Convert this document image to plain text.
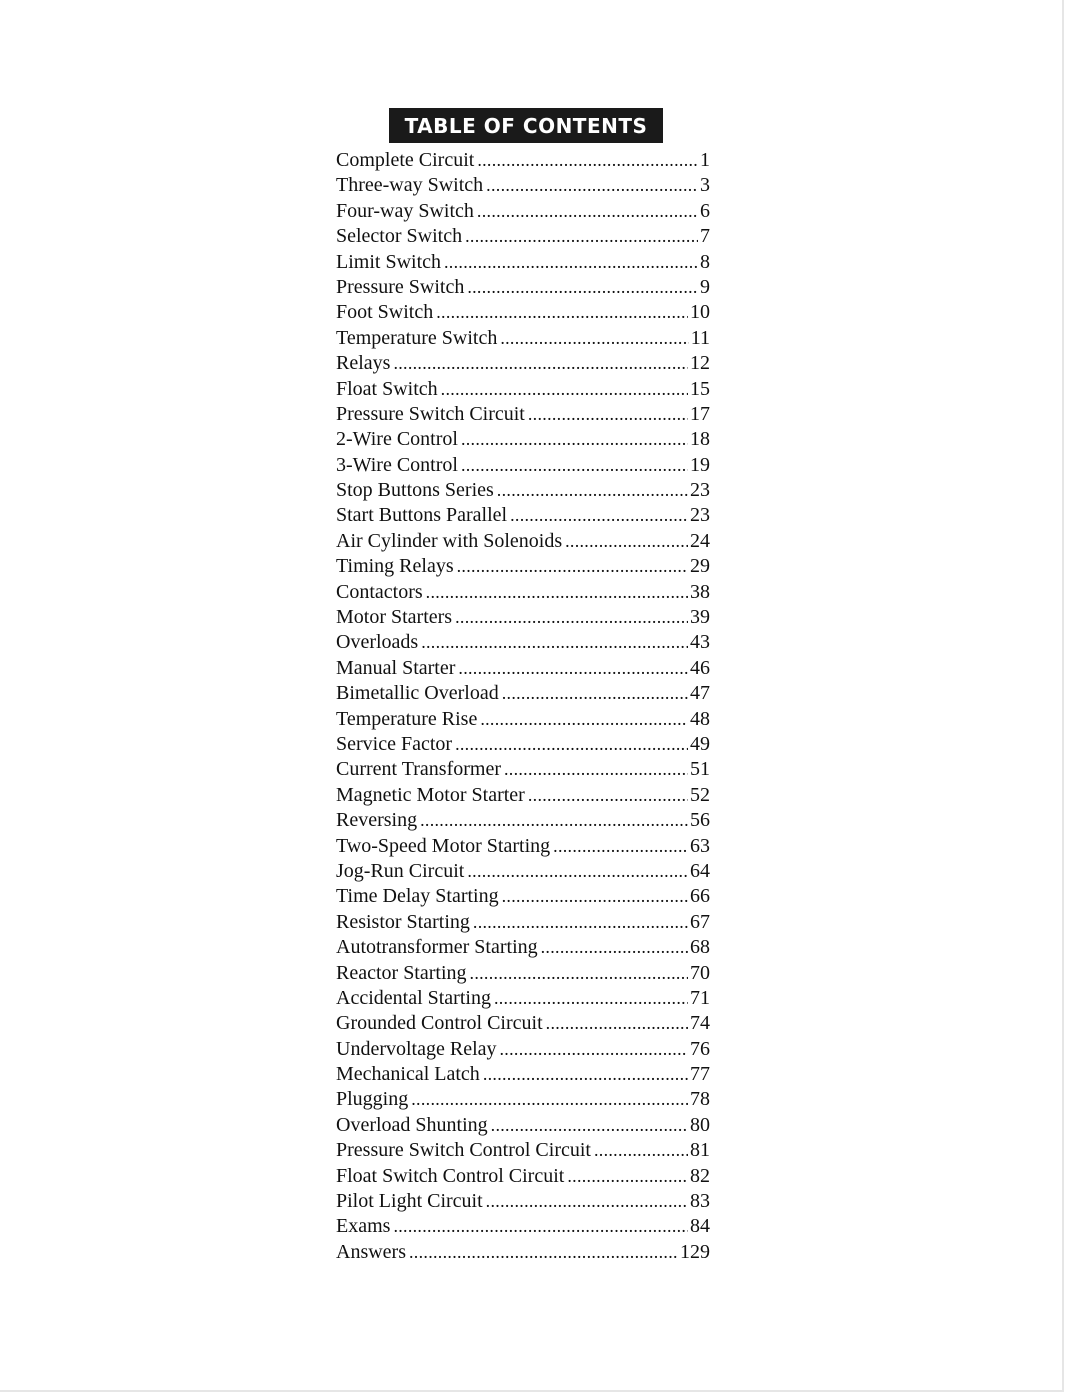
TABLE OF CONTENTS
Complete Circuit .....	1
Three-way Switch .....	3
Four-way Switch .....	6
Selector Switch .....	7
Limit Switch .....	8
Pressure Switch .....	9
Foot Switch .....	10
Temperature Switch .....	11
Relays .....	12
Float Switch .....	15
Pressure Switch Circuit .....	17
2-Wire Control .....	18
3-Wire Control .....	19
Stop Buttons Series .....	23
Start Buttons Parallel .....	23
Air Cylinder with Solenoids .....	24
Timing Relays .....	29
Contactors .....	38
Motor Starters .....	39
Overloads .....	43
Manual Starter .....	46
Bimetallic Overload .....	47
Temperature Rise .....	48
Service Factor .....	49
Current Transformer .....	51
Magnetic Motor Starter .....	52
Reversing .....	56
Two-Speed Motor Starting .....	63
Jog-Run Circuit .....	64
Time Delay Starting .....	66
Resistor Starting .....	67
Autotransformer Starting .....	68
Reactor Starting .....	70
Accidental Starting .....	71
Grounded Control Circuit .....	74
Undervoltage Relay .....	76
Mechanical Latch .....	77
Plugging .....	78
Overload Shunting .....	80
Pressure Switch Control Circuit .....	81
Float Switch Control Circuit .....	82
Pilot Light Circuit .....	83
Exams .....	84
Answers .....	129
